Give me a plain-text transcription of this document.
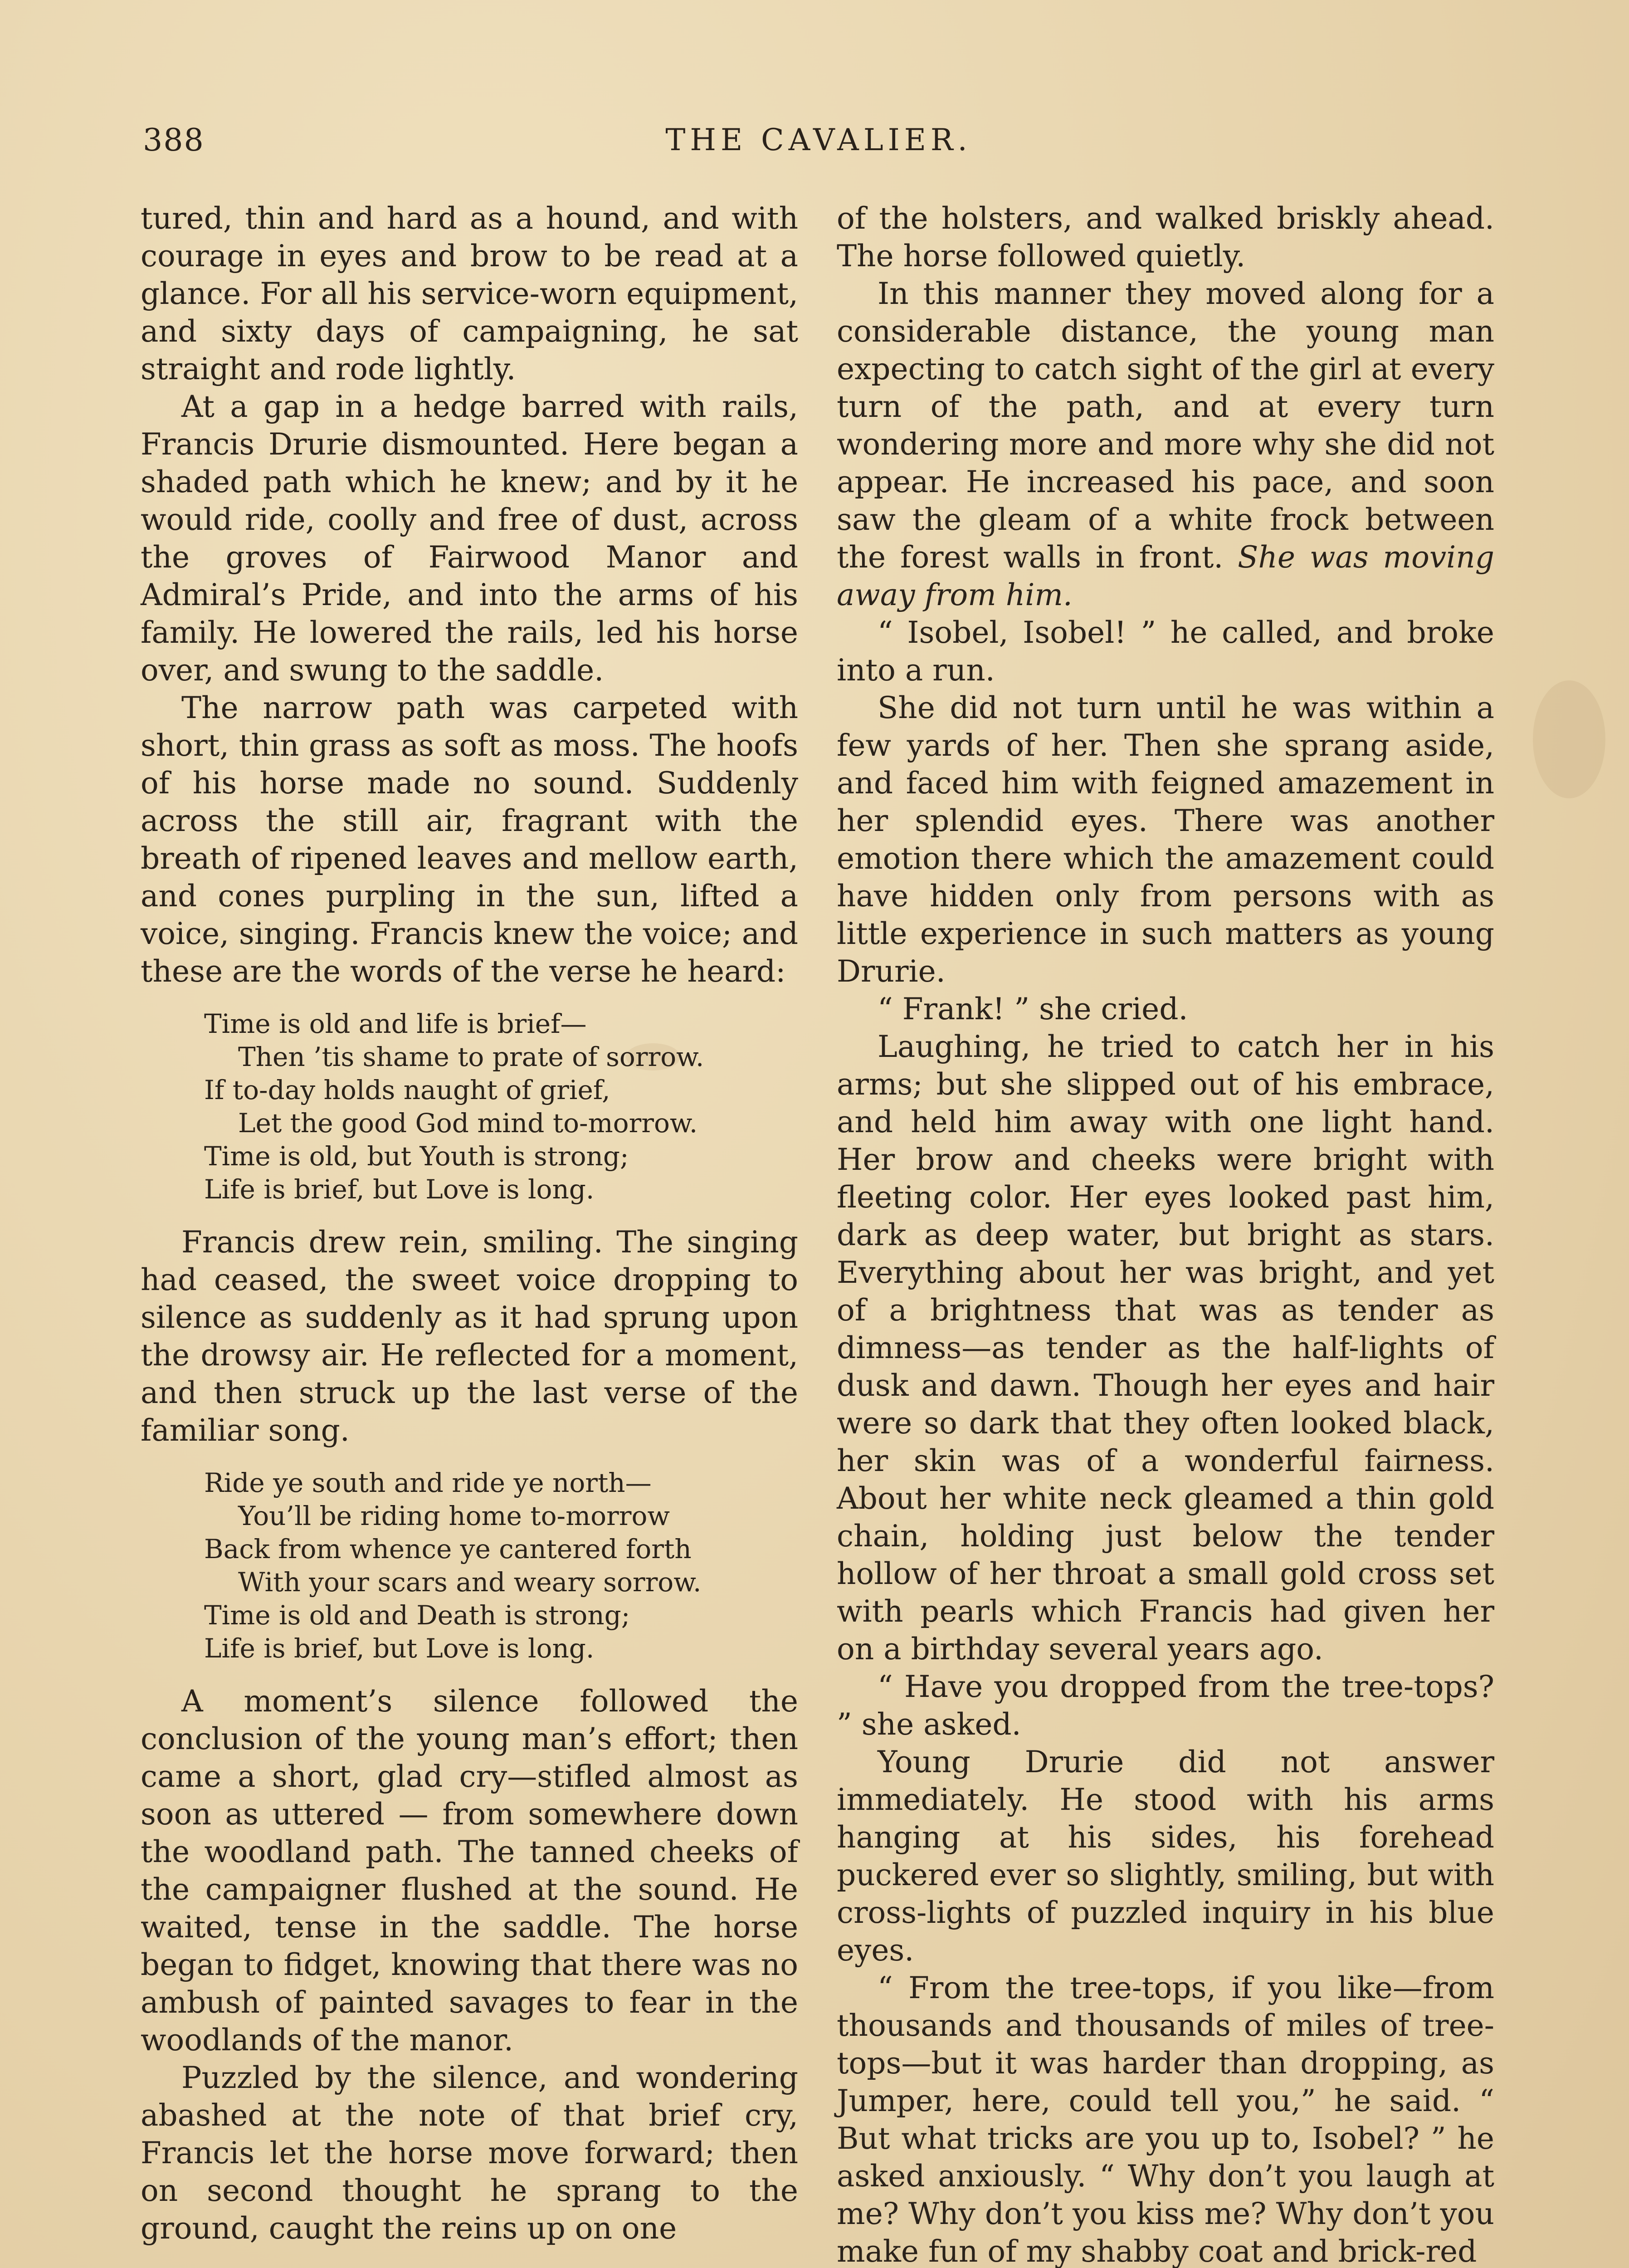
388	THE CAVALIER.

tured, thin and hard as a hound, and with courage in eyes and brow to be read at a glance. For all his service-worn equipment, and sixty days of campaigning, he sat straight and rode lightly.

At a gap in a hedge barred with rails, Francis Drurie dismounted. Here began a shaded path which he knew; and by it he would ride, coolly and free of dust, across the groves of Fairwood Manor and Admiral’s Pride, and into the arms of his family. He lowered the rails, led his horse over, and swung to the saddle.

The narrow path was carpeted with short, thin grass as soft as moss. The hoofs of his horse made no sound. Suddenly across the still air, fragrant with the breath of ripened leaves and mellow earth, and cones purpling in the sun, lifted a voice, singing. Francis knew the voice; and these are the words of the verse he heard:

Time is old and life is brief—
Then ’tis shame to prate of sorrow.
If to-day holds naught of grief,
Let the good God mind to-morrow.
Time is old, but Youth is strong;
Life is brief, but Love is long.

Francis drew rein, smiling. The singing had ceased, the sweet voice dropping to silence as suddenly as it had sprung upon the drowsy air. He reflected for a moment, and then struck up the last verse of the familiar song.

Ride ye south and ride ye north—
You’ll be riding home to-morrow
Back from whence ye cantered forth
With your scars and weary sorrow.
Time is old and Death is strong;
Life is brief, but Love is long.

A moment’s silence followed the conclusion of the young man’s effort; then came a short, glad cry—stifled almost as soon as uttered — from somewhere down the woodland path. The tanned cheeks of the campaigner flushed at the sound. He waited, tense in the saddle. The horse began to fidget, knowing that there was no ambush of painted savages to fear in the woodlands of the manor.

Puzzled by the silence, and wondering abashed at the note of that brief cry, Francis let the horse move forward; then on second thought he sprang to the ground, caught the reins up on one

of the holsters, and walked briskly ahead. The horse followed quietly.

In this manner they moved along for a considerable distance, the young man expecting to catch sight of the girl at every turn of the path, and at every turn wondering more and more why she did not appear. He increased his pace, and soon saw the gleam of a white frock between the forest walls in front. She was moving away from him.

“ Isobel, Isobel! ” he called, and broke into a run.

She did not turn until he was within a few yards of her. Then she sprang aside, and faced him with feigned amazement in her splendid eyes. There was another emotion there which the amazement could have hidden only from persons with as little experience in such matters as young Drurie.

“ Frank! ” she cried.

Laughing, he tried to catch her in his arms; but she slipped out of his embrace, and held him away with one light hand. Her brow and cheeks were bright with fleeting color. Her eyes looked past him, dark as deep water, but bright as stars. Everything about her was bright, and yet of a brightness that was as tender as dimness—as tender as the half-lights of dusk and dawn. Though her eyes and hair were so dark that they often looked black, her skin was of a wonderful fairness. About her white neck gleamed a thin gold chain, holding just below the tender hollow of her throat a small gold cross set with pearls which Francis had given her on a birthday several years ago.

“ Have you dropped from the tree-tops? ” she asked.

Young Drurie did not answer immediately. He stood with his arms hanging at his sides, his forehead puckered ever so slightly, smiling, but with cross-lights of puzzled inquiry in his blue eyes.

“ From the tree-tops, if you like—from thousands and thousands of miles of tree-tops—but it was harder than dropping, as Jumper, here, could tell you,” he said. “ But what tricks are you up to, Isobel? ” he asked anxiously. “ Why don’t you laugh at me? Why don’t you kiss me? Why don’t you make fun of my shabby coat and brick-red
